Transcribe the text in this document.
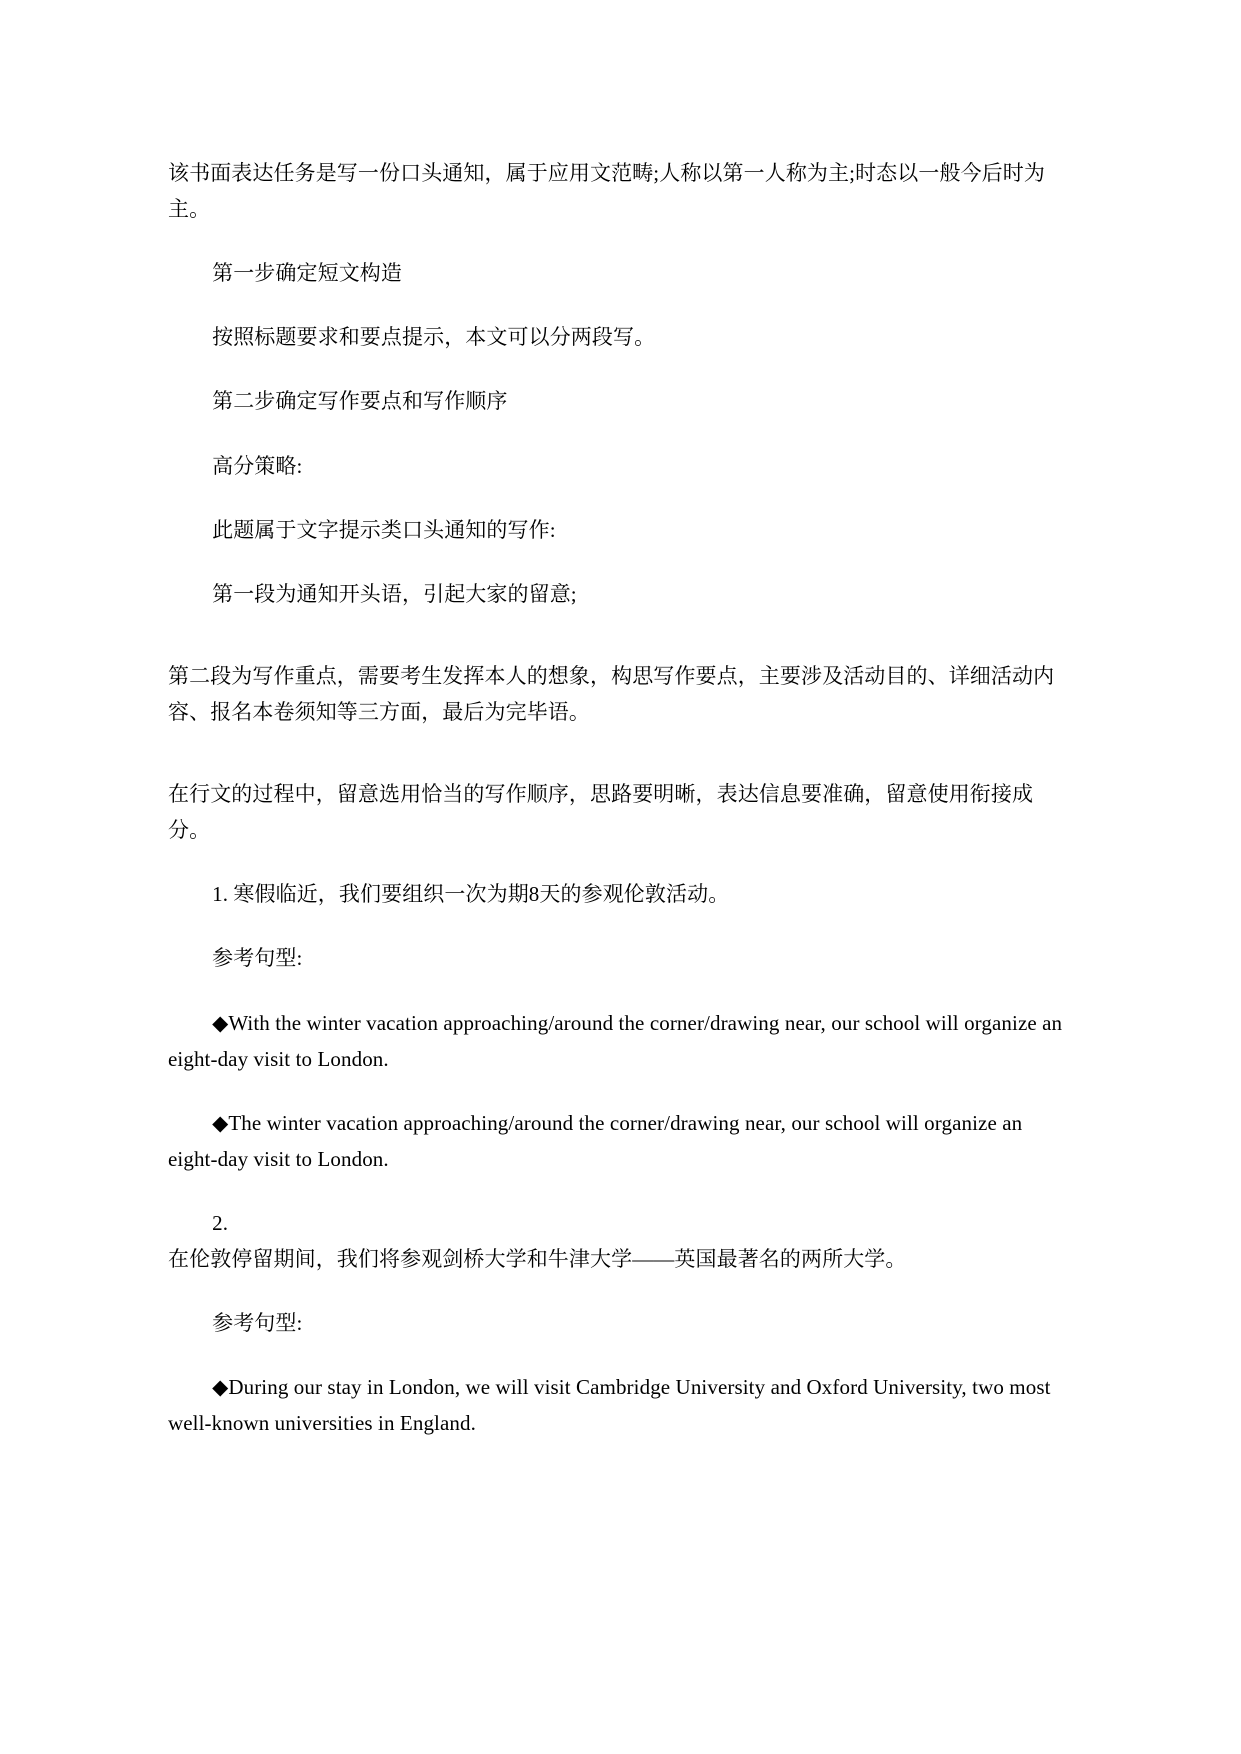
该书面表达任务是写一份口头通知，属于应用文范畴;人称以第一人称为主;时态以一般今后时为主。

第一步确定短文构造

按照标题要求和要点提示，本文可以分两段写。

第二步确定写作要点和写作顺序

高分策略:

此题属于文字提示类口头通知的写作:

第一段为通知开头语，引起大家的留意;

第二段为写作重点，需要考生发挥本人的想象，构思写作要点，主要涉及活动目的、详细活动内容、报名本卷须知等三方面，最后为完毕语。

在行文的过程中，留意选用恰当的写作顺序，思路要明晰，表达信息要准确，留意使用衔接成分。

1. 寒假临近，我们要组织一次为期8天的参观伦敦活动。

参考句型:

◆With the winter vacation approaching/around the corner/drawing near, our school will organize an eight-day visit to London.

◆The winter vacation approaching/around the corner/drawing near, our school will organize an eight-day visit to London.

2.

在伦敦停留期间，我们将参观剑桥大学和牛津大学——英国最著名的两所大学。

参考句型:

◆During our stay in London, we will visit Cambridge University and Oxford University, two most well-known universities in England.
